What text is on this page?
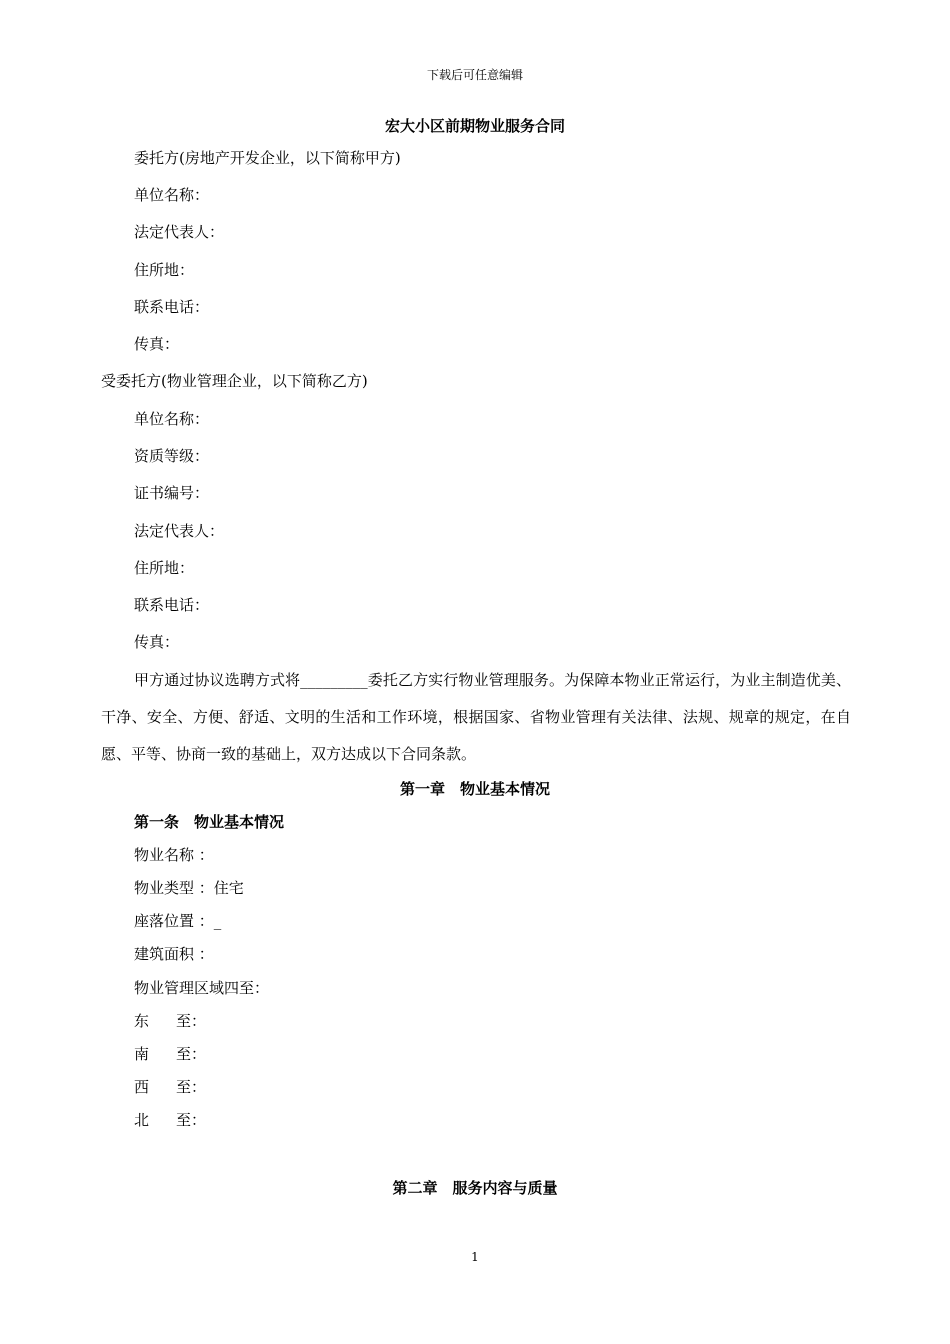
下载后可任意编辑
宏大小区前期物业服务合同
委托方(房地产开发企业，以下简称甲方)
单位名称：
法定代表人：
住所地：
联系电话：
传真：
受委托方(物业管理企业，以下简称乙方)
单位名称：
资质等级：
证书编号：
法定代表人：
住所地：
联系电话：
传真：
甲方通过协议选聘方式将_________委托乙方实行物业管理服务。为保障本物业正常运行，为业主制造优美、干净、安全、方便、舒适、文明的生活和工作环境，根据国家、省物业管理有关法律、法规、规章的规定，在自愿、平等、协商一致的基础上，双方达成以下合同条款。
第一章　物业基本情况
第一条　物业基本情况
物业名称 ：
物业类型 ：住宅
座落位置 ：_
建筑面积 ：
物业管理区域四至：
东 至：
南 至：
西 至：
北 至：
第二章　服务内容与质量
1
